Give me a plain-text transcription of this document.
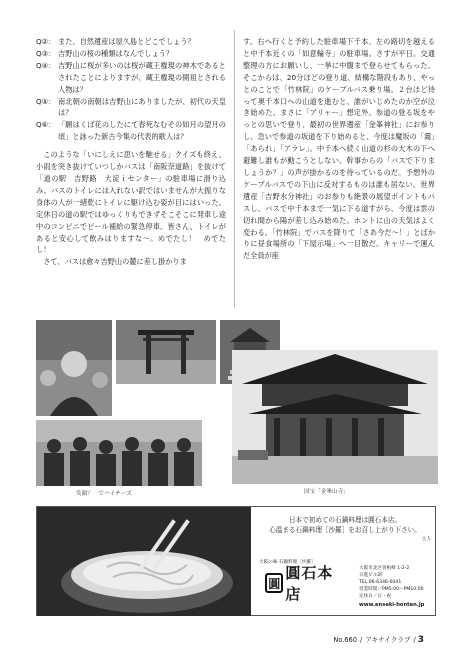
Q②： また、自然遺産は屋久島とどこでしょう？
Q③： 吉野山の桜の種類はなんでしょう？
Q④： 吉野山に桜が多いのは桜が蔵王権現の神木であるとされたことによりますが、蔵王権現の開祖とされる人物は？
Q⑤： 南北朝の南朝は吉野山にありましたが、初代の天皇は？
Q⑥： 「願はくば花のしたにて春死なむその如月の望月の頃」と詠った新古今集の代表的歌人は？

このような「いにしえに思いを馳せる」クイズも終え、小雨を突き抜けていつしかバスは「南阪奈道路」を抜けて「道の駅　吉野路　大淀ｉセンター」の駐車場に滑り込み、バスのトイレには入れない訳ではいませんが大振りな身体の人が一緒乾にトイレに駆け込む姿が目にはいった。定休日の道の駅ではゆっくりもできずそこそこに発車し途中のコンビニでビール補給の緊急停車。皆さん、トイレがあると安心して飲みはりますな～。めでたし！　めでたし！

さて、バスは愈々吉野山の麓に差し掛かりま

す。右へ行くと予約した駐車場下千本、左の路切を越えると中千本近くの「如意輪寺」の駐車場。さすが平日。交通整理の方にお願いし、一挙に中腹まで登らせてもらった。そこからは、20分ほどの登り道、結構な階段もあり、やっとのことで「竹林院」のケーブルバス乗り場。２台ほど待って奥千本口への山道を進むと、誰がいじめたのか空が泣き始めた。まさに「アリャー」想定外。参道の登る坂をやっとの思いで登り、最初の世界遺産「金峯神社」にお参りし、急いで参道の坂道を下り始めると、今度は魔坂の「霧」「あられ」「アラレ」。中千本へ続く山道の杉の大木の下へ避難し誰もが動こうとしない。幹事からの「バスで下りましょうか？」の声が掛かるのを待っているのだ。予想外のケーブルバスでの下山に反対するものは誰も居ない。世界遺産「吉野水分神社」のお参りも絶景の展望ポイントもパスし、バスで中千本まで一気に下る道すがら、今度は雲の切れ間から陽が差し込み始めた。ホントに山の天気はよく変わる。「竹林院」でバスを降りて「さあ今だ～！」とばかりに昼食場所の「下屋示場」へ一目散だ。キャリーで運んだ全員が座

笑顔？　でハイチーズ	国宝「金峯山寺」
日本で初めての石鍋料理は圓石本店。
心温まる石鍋料理［沙羅］をお召し上がり下さい。
主人
大阪の味 石鍋料理［沙羅］
圓
圓石本店
大阪市北区曽根崎 1-2-2
日進ビル2F
TEL.06-6346-6041
営業時間／PM5:00〜PM10:00
定休日／日・祝
www.enseki-honten.jp
No.660 / アキナイクラブ / 3
